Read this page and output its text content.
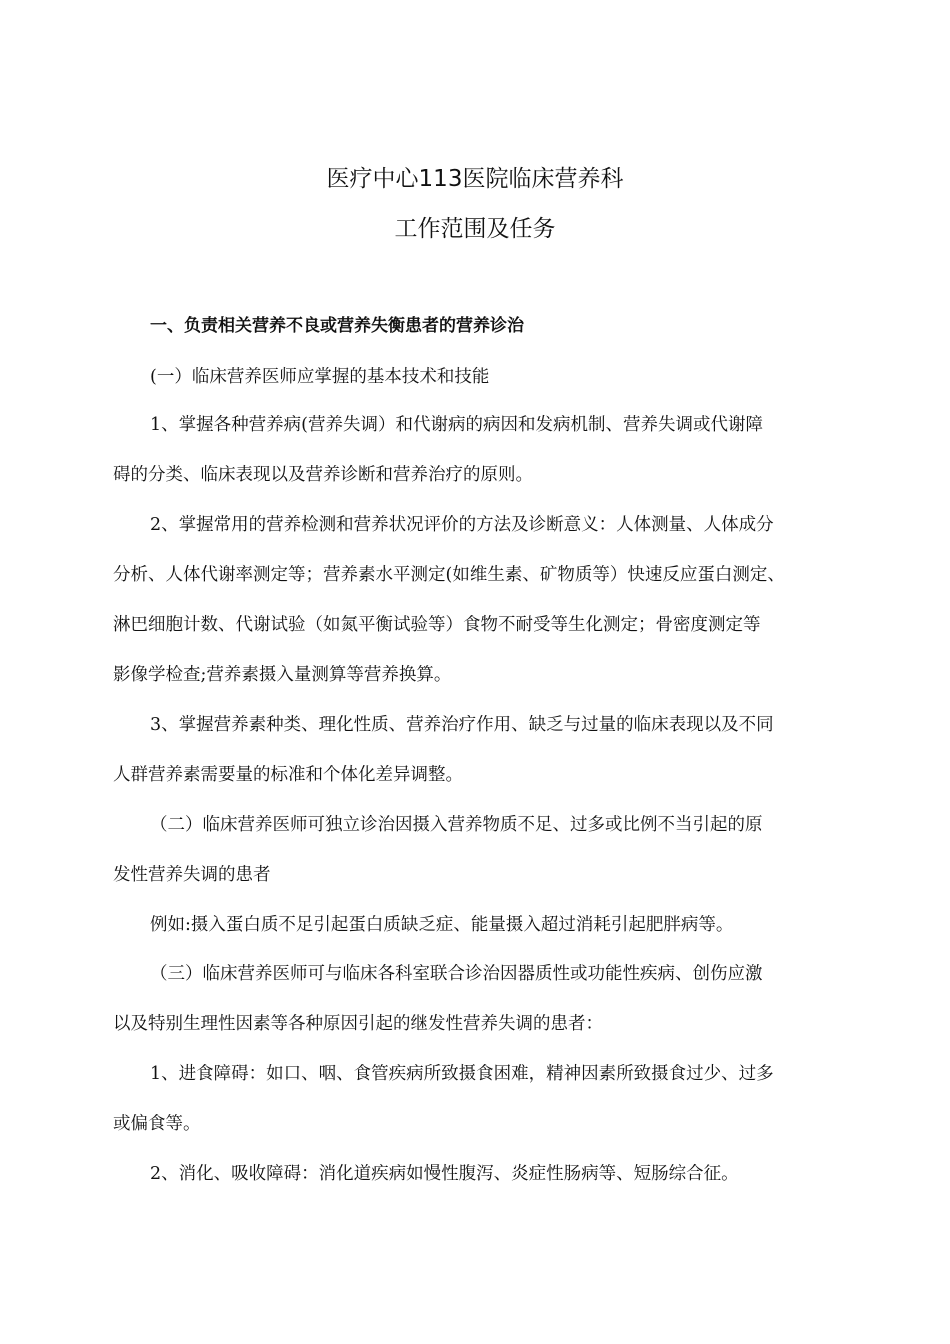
医疗中心113医院临床营养科
工作范围及任务
一、负责相关营养不良或营养失衡患者的营养诊治
(一）临床营养医师应掌握的基本技术和技能
1、掌握各种营养病(营养失调）和代谢病的病因和发病机制、营养失调或代谢障
碍的分类、临床表现以及营养诊断和营养治疗的原则。
2、掌握常用的营养检测和营养状况评价的方法及诊断意义：人体测量、人体成分
分析、人体代谢率测定等；营养素水平测定(如维生素、矿物质等）快速反应蛋白测定、
淋巴细胞计数、代谢试验（如氮平衡试验等）食物不耐受等生化测定；骨密度测定等
影像学检查;营养素摄入量测算等营养换算。
3、掌握营养素种类、理化性质、营养治疗作用、缺乏与过量的临床表现以及不同
人群营养素需要量的标准和个体化差异调整。
（二）临床营养医师可独立诊治因摄入营养物质不足、过多或比例不当引起的原
发性营养失调的患者
例如:摄入蛋白质不足引起蛋白质缺乏症、能量摄入超过消耗引起肥胖病等。
（三）临床营养医师可与临床各科室联合诊治因器质性或功能性疾病、创伤应激
以及特别生理性因素等各种原因引起的继发性营养失调的患者：
1、进食障碍：如口、咽、食管疾病所致摄食困难，精神因素所致摄食过少、过多
或偏食等。
2、消化、吸收障碍：消化道疾病如慢性腹泻、炎症性肠病等、短肠综合征。
